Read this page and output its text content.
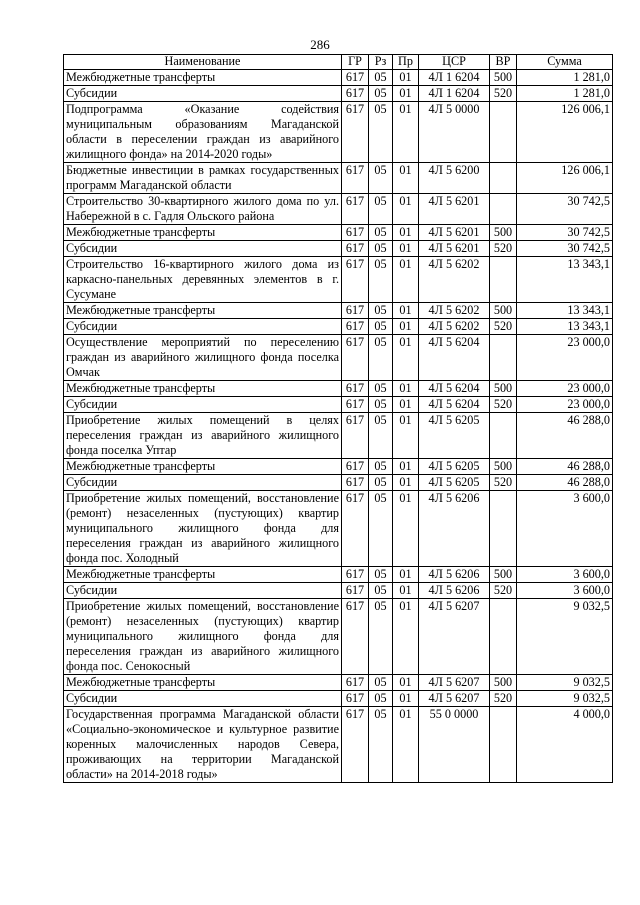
286
Наименование	ГР	Рз	Пр	ЦСР	ВР	Сумма
Межбюджетные трансферты	617	05	01	4Л 1 6204	500	1 281,0
Субсидии	617	05	01	4Л 1 6204	520	1 281,0
Подпрограмма «Оказание содействия муниципальным образованиям Магаданской области в переселении граждан из аварийного жилищного фонда» на 2014-2020 годы»	617	05	01	4Л 5 0000		126 006,1
Бюджетные инвестиции в рамках государственных программ Магаданской области	617	05	01	4Л 5 6200		126 006,1
Строительство 30-квартирного жилого дома по ул. Набережной в с. Гадля Ольского района	617	05	01	4Л 5 6201		30 742,5
Межбюджетные трансферты	617	05	01	4Л 5 6201	500	30 742,5
Субсидии	617	05	01	4Л 5 6201	520	30 742,5
Строительство 16-квартирного жилого дома из каркасно-панельных деревянных элементов в г. Сусумане	617	05	01	4Л 5 6202		13 343,1
Межбюджетные трансферты	617	05	01	4Л 5 6202	500	13 343,1
Субсидии	617	05	01	4Л 5 6202	520	13 343,1
Осуществление мероприятий по переселению граждан из аварийного жилищного фонда поселка Омчак	617	05	01	4Л 5 6204		23 000,0
Межбюджетные трансферты	617	05	01	4Л 5 6204	500	23 000,0
Субсидии	617	05	01	4Л 5 6204	520	23 000,0
Приобретение жилых помещений в целях переселения граждан из аварийного жилищного фонда поселка Уптар	617	05	01	4Л 5 6205		46 288,0
Межбюджетные трансферты	617	05	01	4Л 5 6205	500	46 288,0
Субсидии	617	05	01	4Л 5 6205	520	46 288,0
Приобретение жилых помещений, восстановление (ремонт) незаселенных (пустующих) квартир муниципального жилищного фонда для переселения граждан из аварийного жилищного фонда пос. Холодный	617	05	01	4Л 5 6206		3 600,0
Межбюджетные трансферты	617	05	01	4Л 5 6206	500	3 600,0
Субсидии	617	05	01	4Л 5 6206	520	3 600,0
Приобретение жилых помещений, восстановление (ремонт) незаселенных (пустующих) квартир муниципального жилищного фонда для переселения граждан из аварийного жилищного фонда пос. Сенокосный	617	05	01	4Л 5 6207		9 032,5
Межбюджетные трансферты	617	05	01	4Л 5 6207	500	9 032,5
Субсидии	617	05	01	4Л 5 6207	520	9 032,5
Государственная программа Магаданской области «Социально-экономическое и культурное развитие коренных малочисленных народов Севера, проживающих на территории Магаданской области» на 2014-2018 годы»	617	05	01	55 0 0000		4 000,0
